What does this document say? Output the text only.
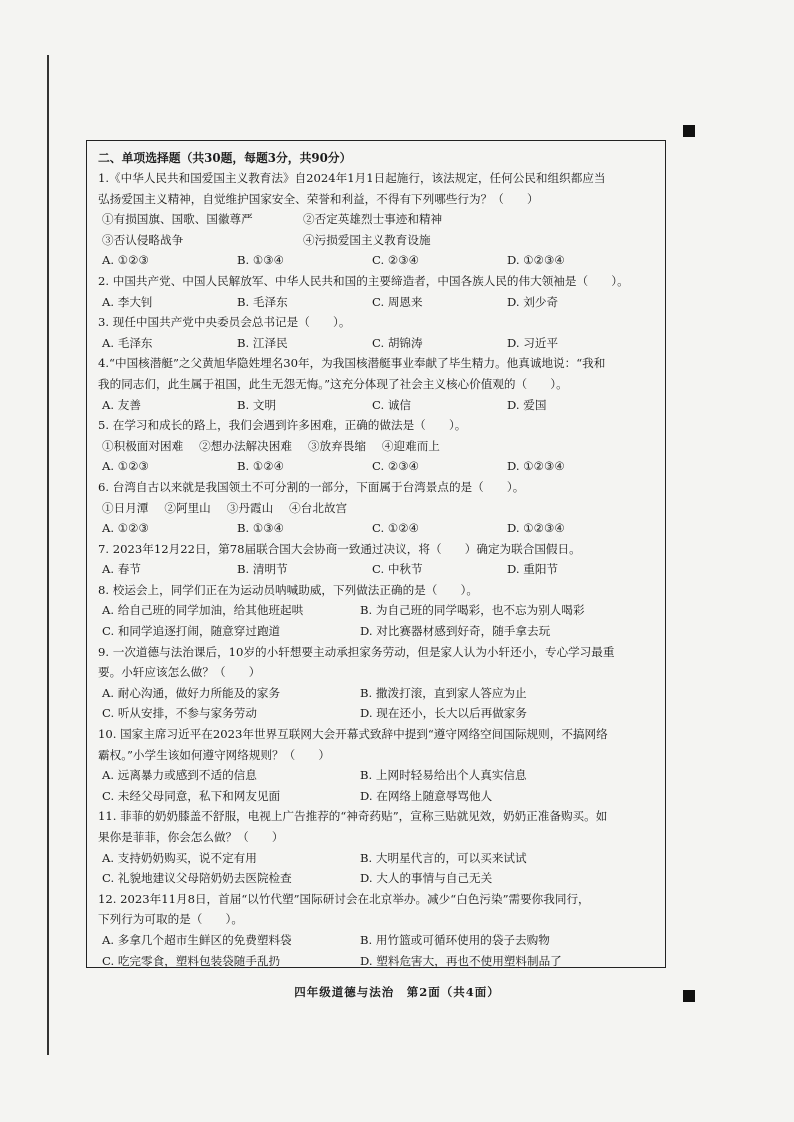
二、单项选择题（共30题，每题3分，共90分）
1.《中华人民共和国爱国主义教育法》自2024年1月1日起施行，该法规定，任何公民和组织都应当
弘扬爱国主义精神，自觉维护国家安全、荣誉和利益，不得有下列哪些行为？（　　）
①有损国旗、国歌、国徽尊严	②否定英雄烈士事迹和精神
③否认侵略战争	④污损爱国主义教育设施
A. ①②③	B. ①③④	C. ②③④	D. ①②③④
2. 中国共产党、中国人民解放军、中华人民共和国的主要缔造者，中国各族人民的伟大领袖是（　　）。
A. 李大钊	B. 毛泽东	C. 周恩来	D. 刘少奇
3. 现任中国共产党中央委员会总书记是（　　）。
A. 毛泽东	B. 江泽民	C. 胡锦涛	D. 习近平
4.“中国核潜艇”之父黄旭华隐姓埋名30年，为我国核潜艇事业奉献了毕生精力。他真诚地说：“我和
我的同志们，此生属于祖国，此生无怨无悔。”这充分体现了社会主义核心价值观的（　　）。
A. 友善	B. 文明	C. 诚信	D. 爱国
5. 在学习和成长的路上，我们会遇到许多困难，正确的做法是（　　）。
①积极面对困难	②想办法解决困难	③放弃畏缩	④迎难而上
A. ①②③	B. ①②④	C. ②③④	D. ①②③④
6. 台湾自古以来就是我国领土不可分割的一部分，下面属于台湾景点的是（　　）。
①日月潭	②阿里山	③丹霞山	④台北故宫
A. ①②③	B. ①③④	C. ①②④	D. ①②③④
7. 2023年12月22日，第78届联合国大会协商一致通过决议，将（　　）确定为联合国假日。
A. 春节	B. 清明节	C. 中秋节	D. 重阳节
8. 校运会上，同学们正在为运动员呐喊助威，下列做法正确的是（　　）。
A. 给自己班的同学加油，给其他班起哄	B. 为自己班的同学喝彩，也不忘为别人喝彩
C. 和同学追逐打闹，随意穿过跑道	D. 对比赛器材感到好奇，随手拿去玩
9. 一次道德与法治课后，10岁的小轩想要主动承担家务劳动，但是家人认为小轩还小，专心学习最重
要。小轩应该怎么做？（　　）
A. 耐心沟通，做好力所能及的家务	B. 撒泼打滚，直到家人答应为止
C. 听从安排，不参与家务劳动	D. 现在还小，长大以后再做家务
10. 国家主席习近平在2023年世界互联网大会开幕式致辞中提到“遵守网络空间国际规则，不搞网络
霸权。”小学生该如何遵守网络规则？（　　）
A. 远离暴力或感到不适的信息	B. 上网时轻易给出个人真实信息
C. 未经父母同意，私下和网友见面	D. 在网络上随意辱骂他人
11. 菲菲的奶奶膝盖不舒服，电视上广告推荐的“神奇药贴”，宣称三贴就见效，奶奶正准备购买。如
果你是菲菲，你会怎么做？（　　）
A. 支持奶奶购买，说不定有用	B. 大明星代言的，可以买来试试
C. 礼貌地建议父母陪奶奶去医院检查	D. 大人的事情与自己无关
12. 2023年11月8日，首届“以竹代塑”国际研讨会在北京举办。减少“白色污染”需要你我同行，
下列行为可取的是（　　）。
A. 多拿几个超市生鲜区的免费塑料袋	B. 用竹篮或可循环使用的袋子去购物
C. 吃完零食，塑料包装袋随手乱扔	D. 塑料危害大，再也不使用塑料制品了
四年级道德与法治　第2面（共4面）
